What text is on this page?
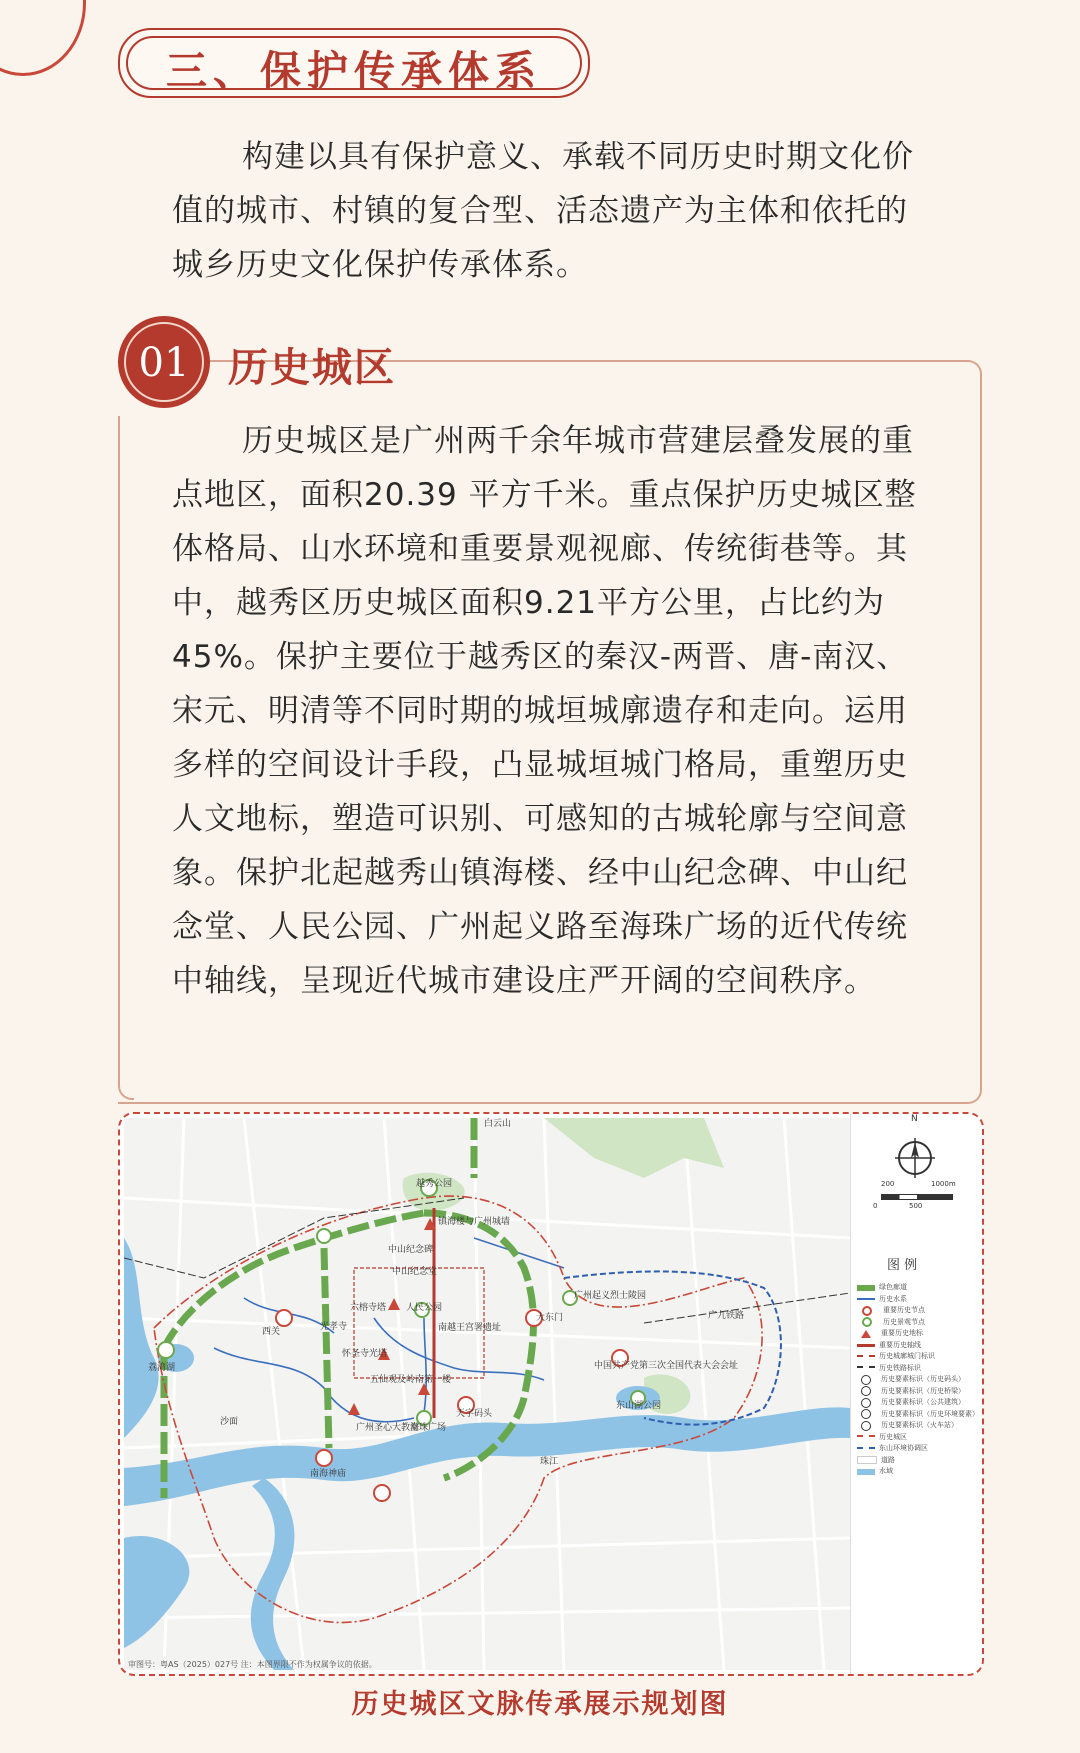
三、保护传承体系

构建以具有保护意义、承载不同历史时期文化价值的城市、村镇的复合型、活态遗产为主体和依托的城乡历史文化保护传承体系。

01 历史城区

历史城区是广州两千余年城市营建层叠发展的重点地区，面积20.39 平方千米。重点保护历史城区整体格局、山水环境和重要景观视廊、传统街巷等。其中，越秀区历史城区面积9.21平方公里，占比约为45%。保护主要位于越秀区的秦汉-两晋、唐-南汉、宋元、明清等不同时期的城垣城廓遗存和走向。运用多样的空间设计手段，凸显城垣城门格局，重塑历史人文地标，塑造可识别、可感知的古城轮廓与空间意象。保护北起越秀山镇海楼、经中山纪念碑、中山纪念堂、人民公园、广州起义路至海珠广场的近代传统中轴线，呈现近代城市建设庄严开阔的空间秩序。

白云山
越秀公园
镇海楼与广州城墙
中山纪念碑
中山纪念堂
六榕寺塔
光孝寺
怀圣寺光塔
人民公园
南越王宫署遗址
五仙观及岭南第一楼
广州圣心大教堂
海珠广场
天字码头
大东门
广州起义烈士陵园
东山湖公园
中国共产党第三次全国代表大会会址
荔湾湖
珠江
广九铁路
西关
南海神庙
沙面
N
200	1000m
0	500
图 例
绿色廊道
历史水系
重要历史节点
历史景观节点
重要历史地标
重要历史轴线
历史城廓城门标识
历史铁路标识
历史要素标识（历史码头）
历史要素标识（历史桥梁）
历史要素标识（公共建筑）
历史要素标识（历史环境要素）
历史要素标识（火车站）
历史城区
东山环境协调区
道路
水域
审图号：粤AS（2025）027号 注：本图界限不作为权属争议的依据。
历史城区文脉传承展示规划图
